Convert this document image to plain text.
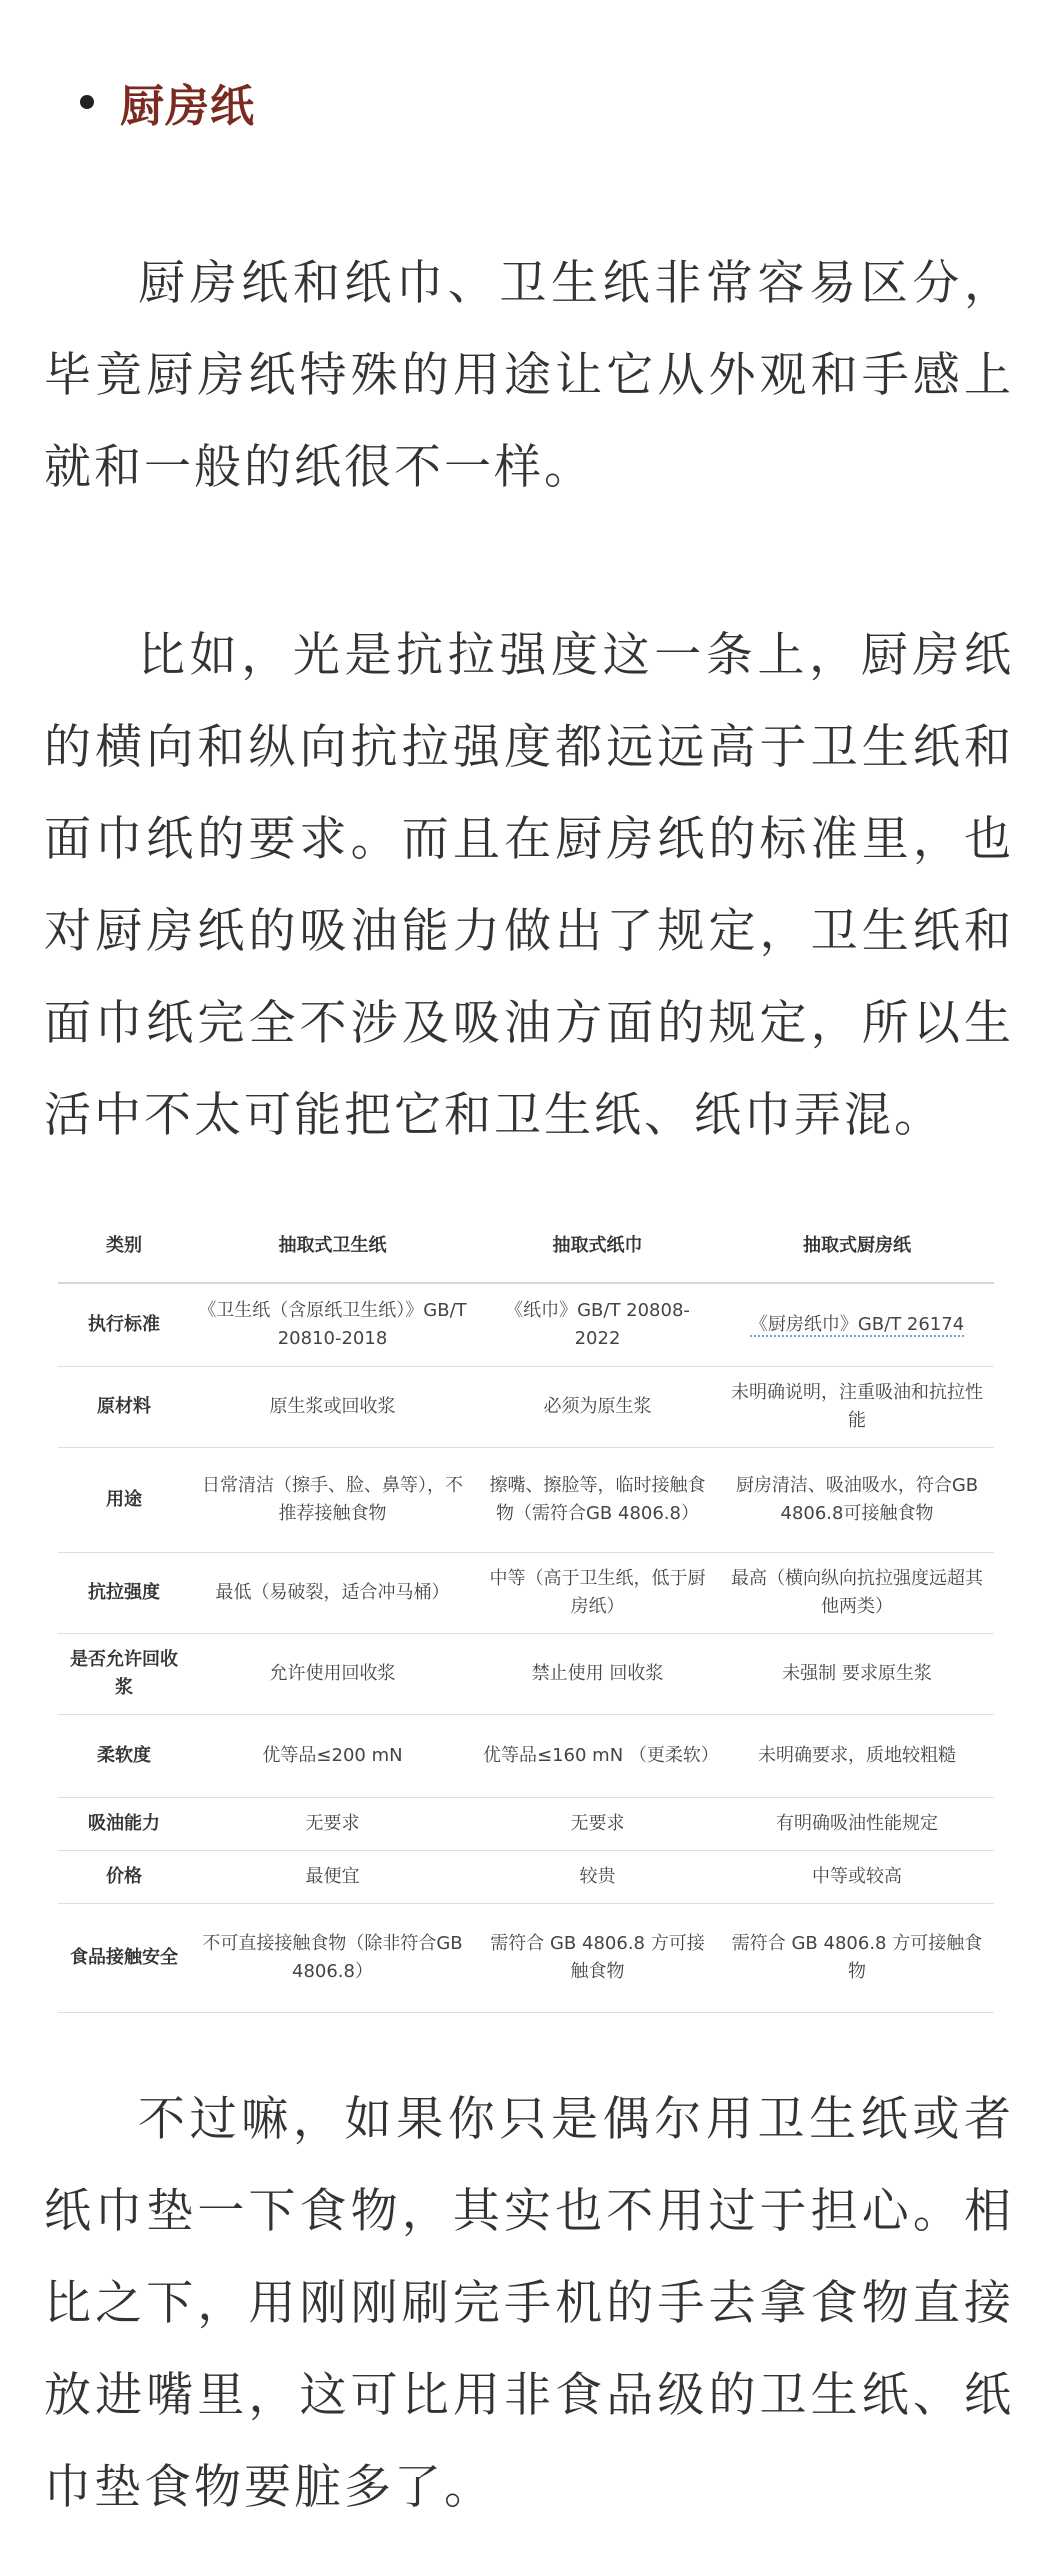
厨房纸

厨房纸和纸巾、卫生纸非常容易区分，毕竟厨房纸特殊的用途让它从外观和手感上就和一般的纸很不一样。

比如，光是抗拉强度这一条上，厨房纸的横向和纵向抗拉强度都远远高于卫生纸和面巾纸的要求。而且在厨房纸的标准里，也对厨房纸的吸油能力做出了规定，卫生纸和面巾纸完全不涉及吸油方面的规定，所以生活中不太可能把它和卫生纸、纸巾弄混。

类别	抽取式卫生纸	抽取式纸巾	抽取式厨房纸
执行标准	《卫生纸（含原纸卫生纸）》GB/T 20810-2018	《纸巾》GB/T 20808-2022	《厨房纸巾》GB/T 26174
原材料	原生浆或回收浆	必须为原生浆	未明确说明，注重吸油和抗拉性能
用途	日常清洁（擦手、脸、鼻等），不推荐接触食物	擦嘴、擦脸等，临时接触食物（需符合GB 4806.8）	厨房清洁、吸油吸水，符合GB 4806.8可接触食物
抗拉强度	最低（易破裂，适合冲马桶）	中等（高于卫生纸，低于厨房纸）	最高（横向纵向抗拉强度远超其他两类）
是否允许回收浆	允许使用回收浆	禁止使用 回收浆	未强制 要求原生浆
柔软度	优等品≤200 mN	优等品≤160 mN （更柔软）	未明确要求，质地较粗糙
吸油能力	无要求	无要求	有明确吸油性能规定
价格	最便宜	较贵	中等或较高
食品接触安全	不可直接接触食物（除非符合GB 4806.8）	需符合 GB 4806.8 方可接触食物	需符合 GB 4806.8 方可接触食物

不过嘛，如果你只是偶尔用卫生纸或者纸巾垫一下食物，其实也不用过于担心。相比之下，用刚刚刷完手机的手去拿食物直接放进嘴里，这可比用非食品级的卫生纸、纸巾垫食物要脏多了。
